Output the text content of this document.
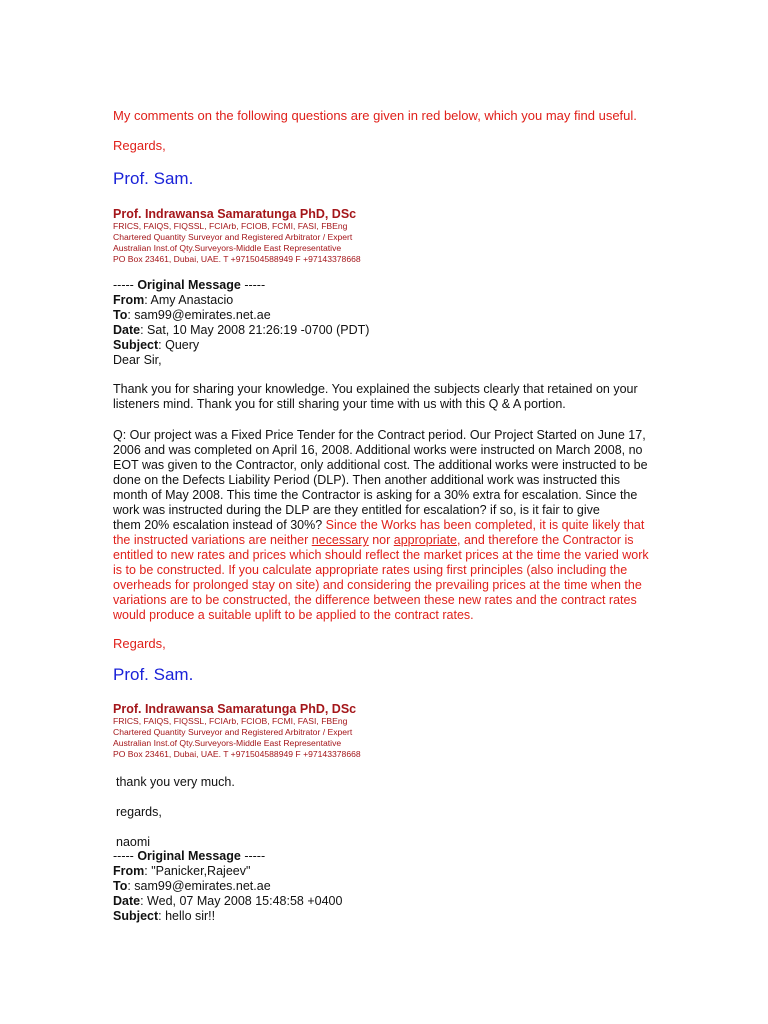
My comments on the following questions are given in red below, which you may find useful.
Regards,
Prof. Sam.
Prof. Indrawansa Samaratunga PhD, DSc
FRICS, FAIQS, FIQSSL, FCIArb, FCIOB, FCMI, FASI, FBEng
Chartered Quantity Surveyor and Registered Arbitrator / Expert
Australian Inst.of Qty.Surveyors-Middle East Representative
PO Box 23461, Dubai, UAE. T +971504588949 F +97143378668
----- Original Message -----
From: Amy Anastacio
To: sam99@emirates.net.ae
Date: Sat, 10 May 2008 21:26:19 -0700 (PDT)
Subject: Query
Dear Sir,
Thank you for sharing your knowledge. You explained the subjects clearly that retained on your
listeners mind. Thank you for still sharing your time with us with this Q & A portion.
Q: Our project was a Fixed Price Tender for the Contract period. Our Project Started on June 17,
2006 and was completed on April 16, 2008. Additional works were instructed on March 2008, no
EOT was given to the Contractor, only additional cost. The additional works were instructed to be
done on the Defects Liability Period (DLP). Then another additional work was instructed this
month of May 2008. This time the Contractor is asking for a 30% extra for escalation. Since the
work was instructed during the DLP are they entitled for escalation? if so, is it fair to give
them 20% escalation instead of 30%? Since the Works has been completed, it is quite likely that
the instructed variations are neither necessary nor appropriate, and therefore the Contractor is
entitled to new rates and prices which should reflect the market prices at the time the varied work
is to be constructed. If you calculate appropriate rates using first principles (also including the
overheads for prolonged stay on site) and considering the prevailing prices at the time when the
variations are to be constructed, the difference between these new rates and the contract rates
would produce a suitable uplift to be applied to the contract rates.
Regards,
Prof. Sam.
Prof. Indrawansa Samaratunga PhD, DSc
FRICS, FAIQS, FIQSSL, FCIArb, FCIOB, FCMI, FASI, FBEng
Chartered Quantity Surveyor and Registered Arbitrator / Expert
Australian Inst.of Qty.Surveyors-Middle East Representative
PO Box 23461, Dubai, UAE. T +971504588949 F +97143378668
thank you very much.
regards,
naomi
----- Original Message -----
From: "Panicker,Rajeev"
To: sam99@emirates.net.ae
Date: Wed, 07 May 2008 15:48:58 +0400
Subject: hello sir!!
